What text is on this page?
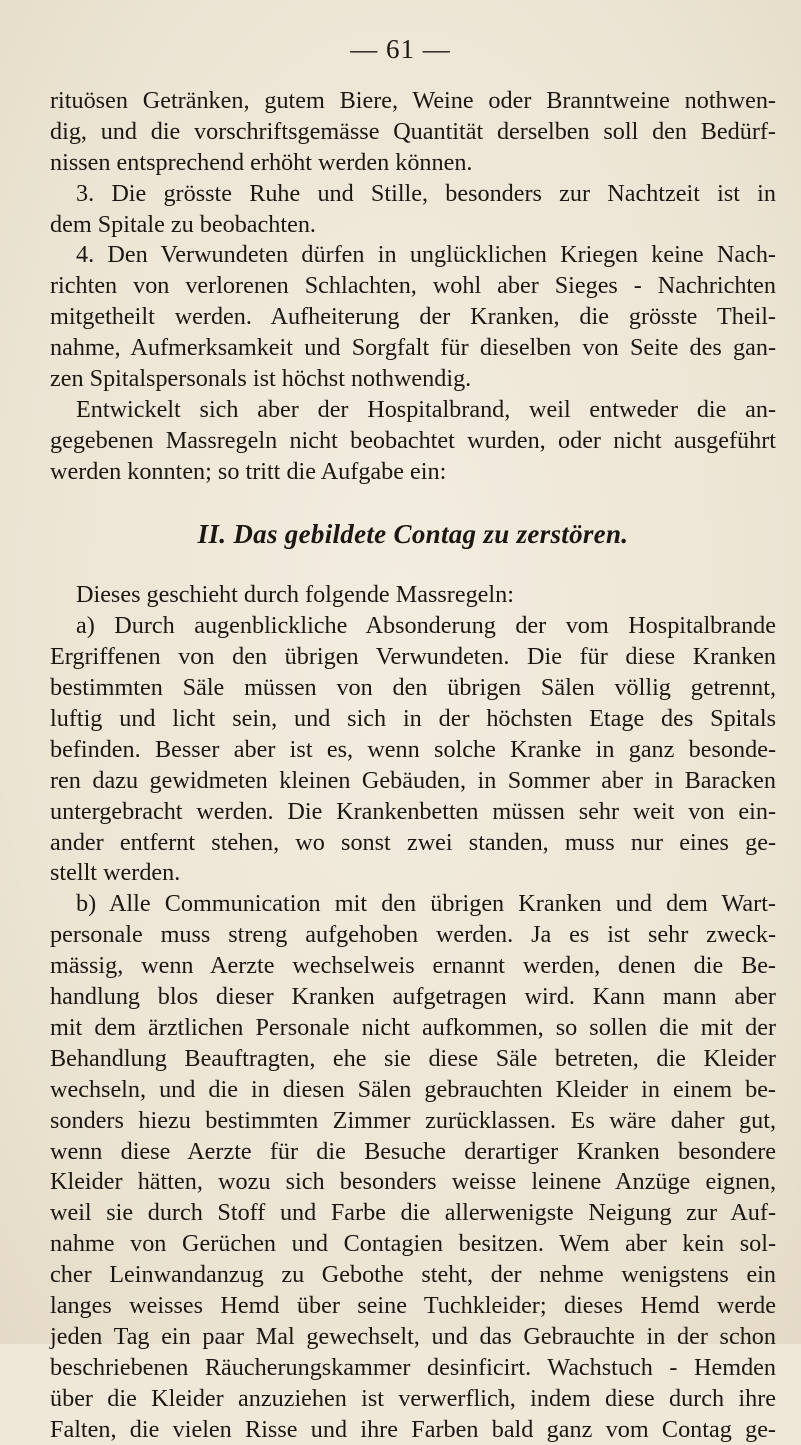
— 61 —
rituösen Getränken, gutem Biere, Weine oder Branntweine nothwen-
dig, und die vorschriftsgemässe Quantität derselben soll den Bedürf-
nissen entsprechend erhöht werden können.
3. Die grösste Ruhe und Stille, besonders zur Nachtzeit ist in
dem Spitale zu beobachten.
4. Den Verwundeten dürfen in unglücklichen Kriegen keine Nach-
richten von verlorenen Schlachten, wohl aber Sieges - Nachrichten
mitgetheilt werden. Aufheiterung der Kranken, die grösste Theil-
nahme, Aufmerksamkeit und Sorgfalt für dieselben von Seite des gan-
zen Spitalspersonals ist höchst nothwendig.
Entwickelt sich aber der Hospitalbrand, weil entweder die an-
gegebenen Massregeln nicht beobachtet wurden, oder nicht ausgeführt
werden konnten; so tritt die Aufgabe ein:
II. Das gebildete Contag zu zerstören.
Dieses geschieht durch folgende Massregeln:
a) Durch augenblickliche Absonderung der vom Hospitalbrande
Ergriffenen von den übrigen Verwundeten. Die für diese Kranken
bestimmten Säle müssen von den übrigen Sälen völlig getrennt,
luftig und licht sein, und sich in der höchsten Etage des Spitals
befinden. Besser aber ist es, wenn solche Kranke in ganz besonde-
ren dazu gewidmeten kleinen Gebäuden, in Sommer aber in Baracken
untergebracht werden. Die Krankenbetten müssen sehr weit von ein-
ander entfernt stehen, wo sonst zwei standen, muss nur eines ge-
stellt werden.
b) Alle Communication mit den übrigen Kranken und dem Wart-
personale muss streng aufgehoben werden. Ja es ist sehr zweck-
mässig, wenn Aerzte wechselweis ernannt werden, denen die Be-
handlung blos dieser Kranken aufgetragen wird. Kann mann aber
mit dem ärztlichen Personale nicht aufkommen, so sollen die mit der
Behandlung Beauftragten, ehe sie diese Säle betreten, die Kleider
wechseln, und die in diesen Sälen gebrauchten Kleider in einem be-
sonders hiezu bestimmten Zimmer zurücklassen. Es wäre daher gut,
wenn diese Aerzte für die Besuche derartiger Kranken besondere
Kleider hätten, wozu sich besonders weisse leinene Anzüge eignen,
weil sie durch Stoff und Farbe die allerwenigste Neigung zur Auf-
nahme von Gerüchen und Contagien besitzen. Wem aber kein sol-
cher Leinwandanzug zu Gebothe steht, der nehme wenigstens ein
langes weisses Hemd über seine Tuchkleider; dieses Hemd werde
jeden Tag ein paar Mal gewechselt, und das Gebrauchte in der schon
beschriebenen Räucherungskammer desinficirt. Wachstuch - Hemden
über die Kleider anzuziehen ist verwerflich, indem diese durch ihre
Falten, die vielen Risse und ihre Farben bald ganz vom Contag ge-
